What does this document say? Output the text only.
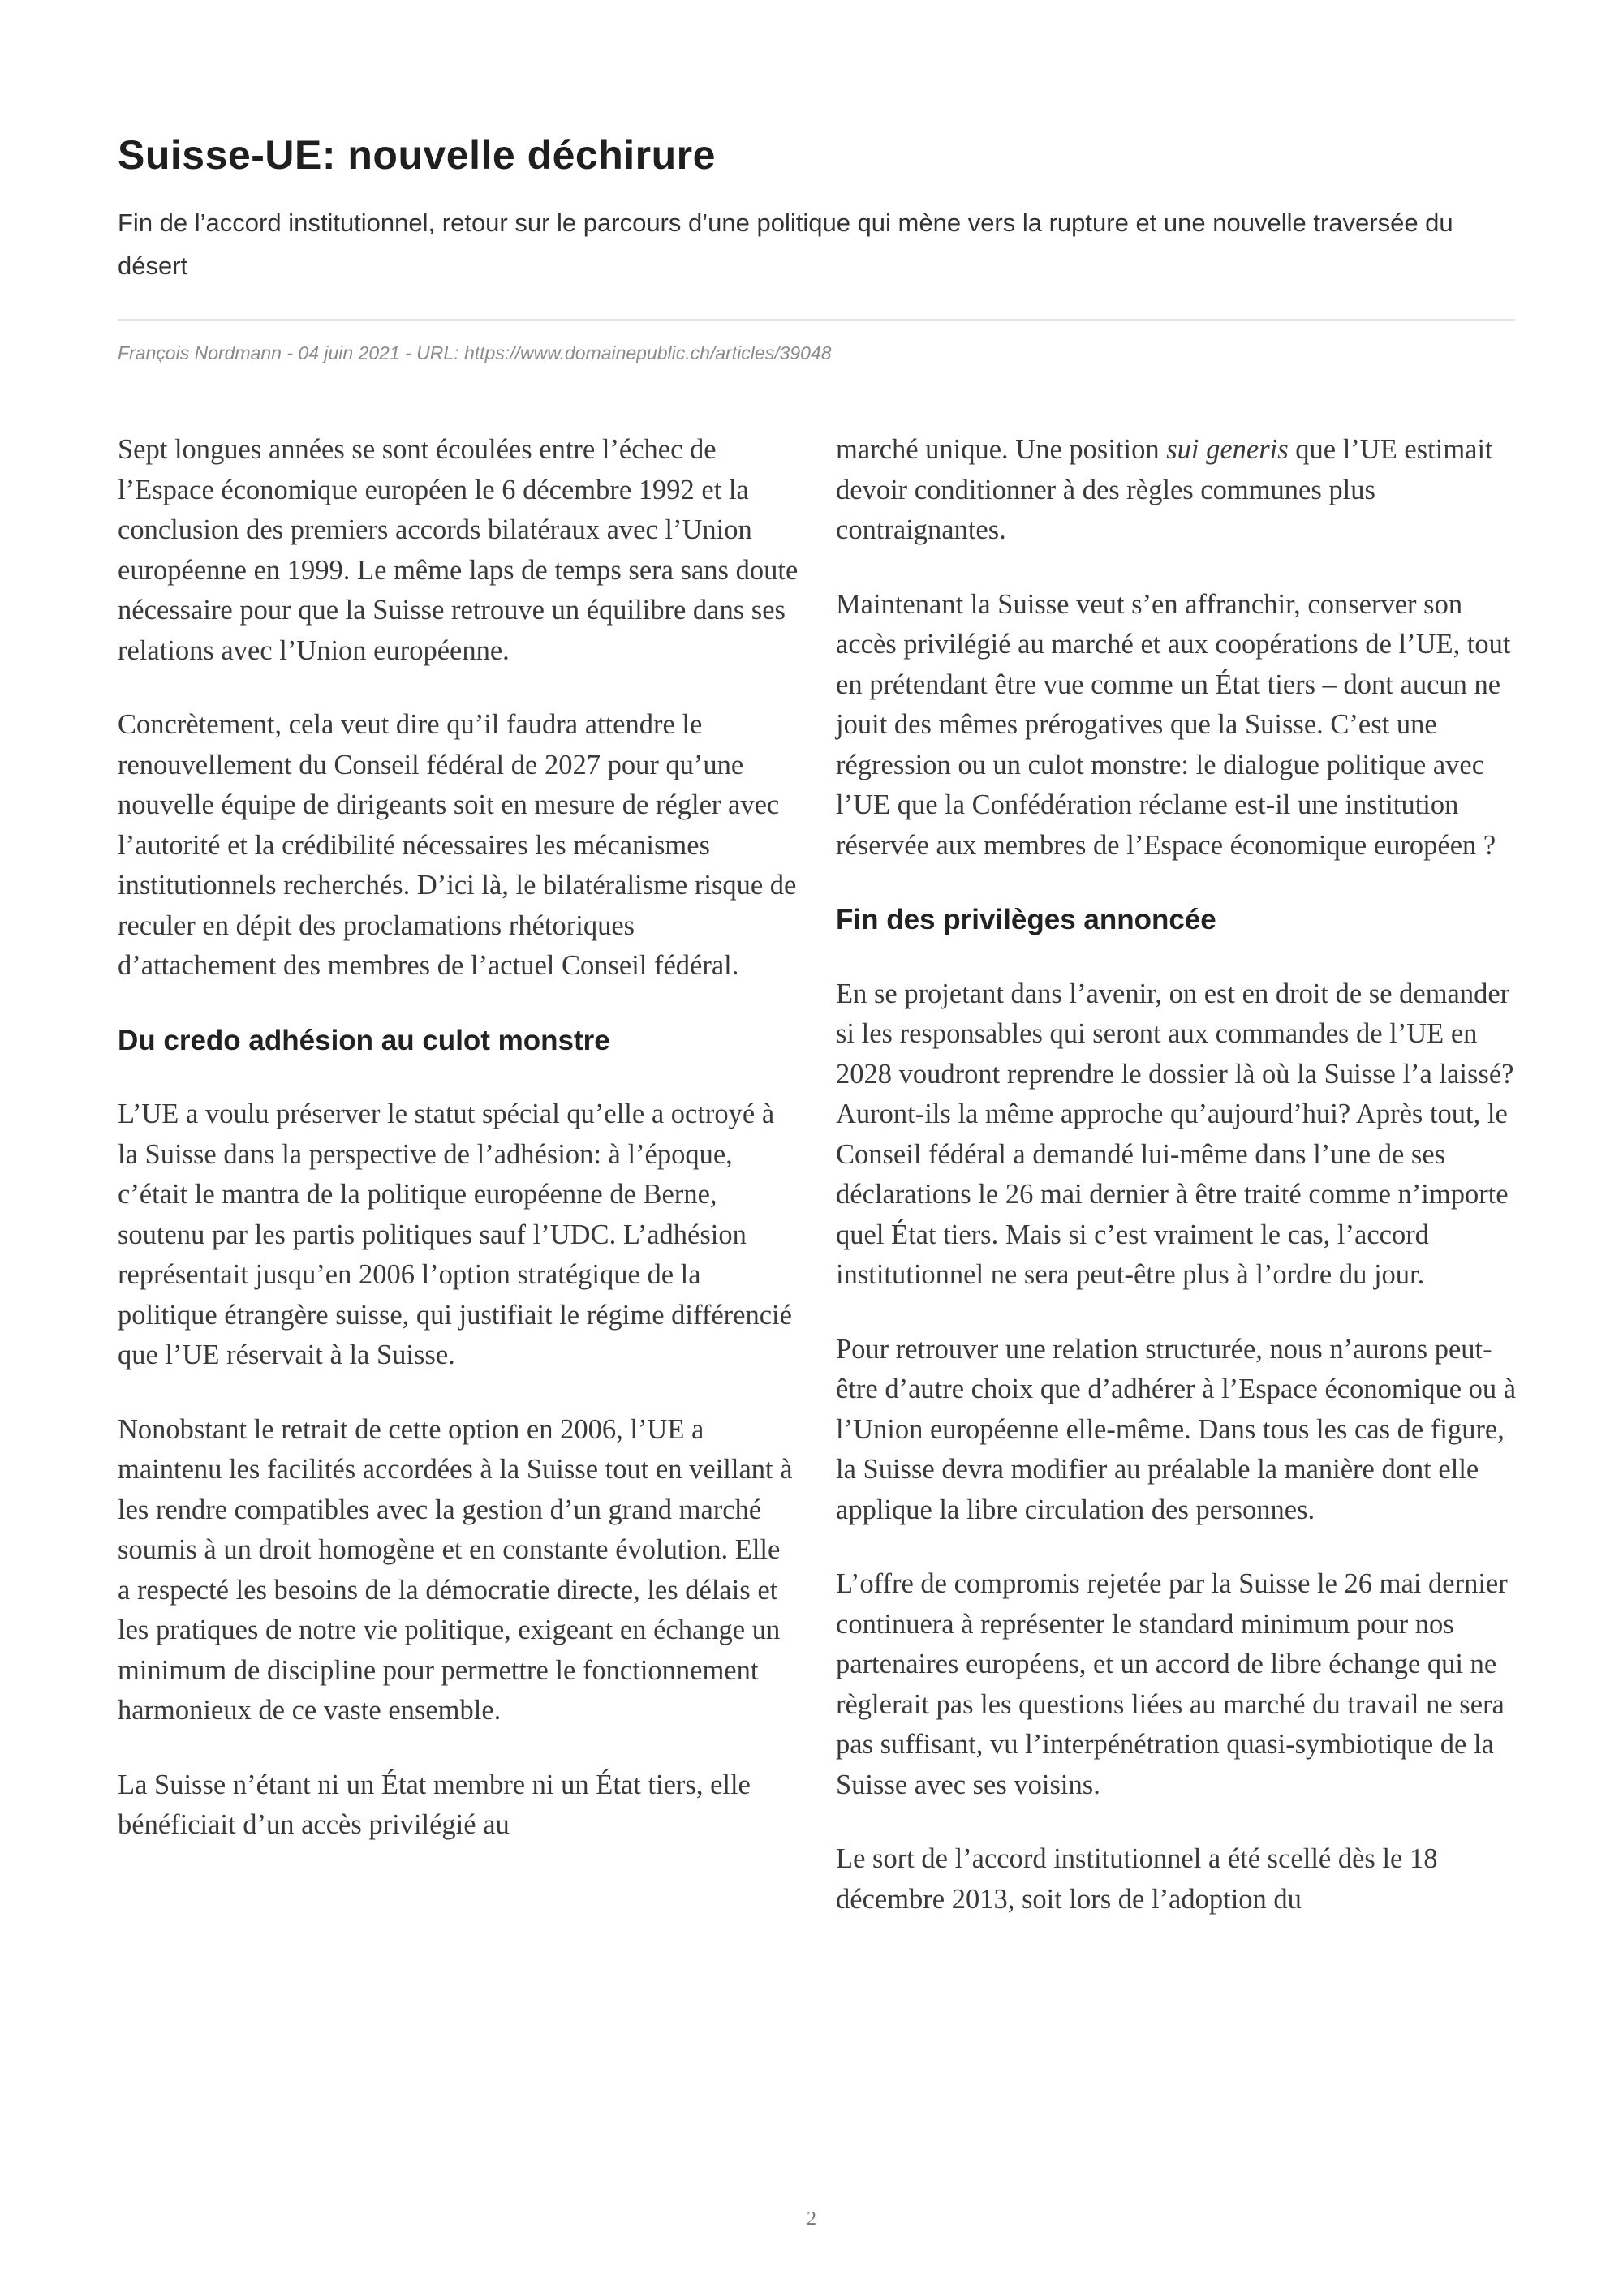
Suisse-UE: nouvelle déchirure

Fin de l’accord institutionnel, retour sur le parcours d’une politique qui mène vers la rupture et une nouvelle traversée du désert

François Nordmann - 04 juin 2021 - URL: https://www.domainepublic.ch/articles/39048

Sept longues années se sont écoulées entre l’échec de l’Espace économique européen le 6 décembre 1992 et la conclusion des premiers accords bilatéraux avec l’Union européenne en 1999. Le même laps de temps sera sans doute nécessaire pour que la Suisse retrouve un équilibre dans ses relations avec l’Union européenne.

Concrètement, cela veut dire qu’il faudra attendre le renouvellement du Conseil fédéral de 2027 pour qu’une nouvelle équipe de dirigeants soit en mesure de régler avec l’autorité et la crédibilité nécessaires les mécanismes institutionnels recherchés. D’ici là, le bilatéralisme risque de reculer en dépit des proclamations rhétoriques d’attachement des membres de l’actuel Conseil fédéral.

Du credo adhésion au culot monstre

L’UE a voulu préserver le statut spécial qu’elle a octroyé à la Suisse dans la perspective de l’adhésion: à l’époque, c’était le mantra de la politique européenne de Berne, soutenu par les partis politiques sauf l’UDC. L’adhésion représentait jusqu’en 2006 l’option stratégique de la politique étrangère suisse, qui justifiait le régime différencié que l’UE réservait à la Suisse.

Nonobstant le retrait de cette option en 2006, l’UE a maintenu les facilités accordées à la Suisse tout en veillant à les rendre compatibles avec la gestion d’un grand marché soumis à un droit homogène et en constante évolution. Elle a respecté les besoins de la démocratie directe, les délais et les pratiques de notre vie politique, exigeant en échange un minimum de discipline pour permettre le fonctionnement harmonieux de ce vaste ensemble.

La Suisse n’étant ni un État membre ni un État tiers, elle bénéficiait d’un accès privilégié au

marché unique. Une position sui generis que l’UE estimait devoir conditionner à des règles communes plus contraignantes.

Maintenant la Suisse veut s’en affranchir, conserver son accès privilégié au marché et aux coopérations de l’UE, tout en prétendant être vue comme un État tiers – dont aucun ne jouit des mêmes prérogatives que la Suisse. C’est une régression ou un culot monstre: le dialogue politique avec l’UE que la Confédération réclame est-il une institution réservée aux membres de l’Espace économique européen ?

Fin des privilèges annoncée

En se projetant dans l’avenir, on est en droit de se demander si les responsables qui seront aux commandes de l’UE en 2028 voudront reprendre le dossier là où la Suisse l’a laissé? Auront-ils la même approche qu’aujourd’hui? Après tout, le Conseil fédéral a demandé lui-même dans l’une de ses déclarations le 26 mai dernier à être traité comme n’importe quel État tiers. Mais si c’est vraiment le cas, l’accord institutionnel ne sera peut-être plus à l’ordre du jour.

Pour retrouver une relation structurée, nous n’aurons peut-être d’autre choix que d’adhérer à l’Espace économique ou à l’Union européenne elle-même. Dans tous les cas de figure, la Suisse devra modifier au préalable la manière dont elle applique la libre circulation des personnes.

L’offre de compromis rejetée par la Suisse le 26 mai dernier continuera à représenter le standard minimum pour nos partenaires européens, et un accord de libre échange qui ne règlerait pas les questions liées au marché du travail ne sera pas suffisant, vu l’interpénétration quasi-symbiotique de la Suisse avec ses voisins.

Le sort de l’accord institutionnel a été scellé dès le 18 décembre 2013, soit lors de l’adoption du

2
